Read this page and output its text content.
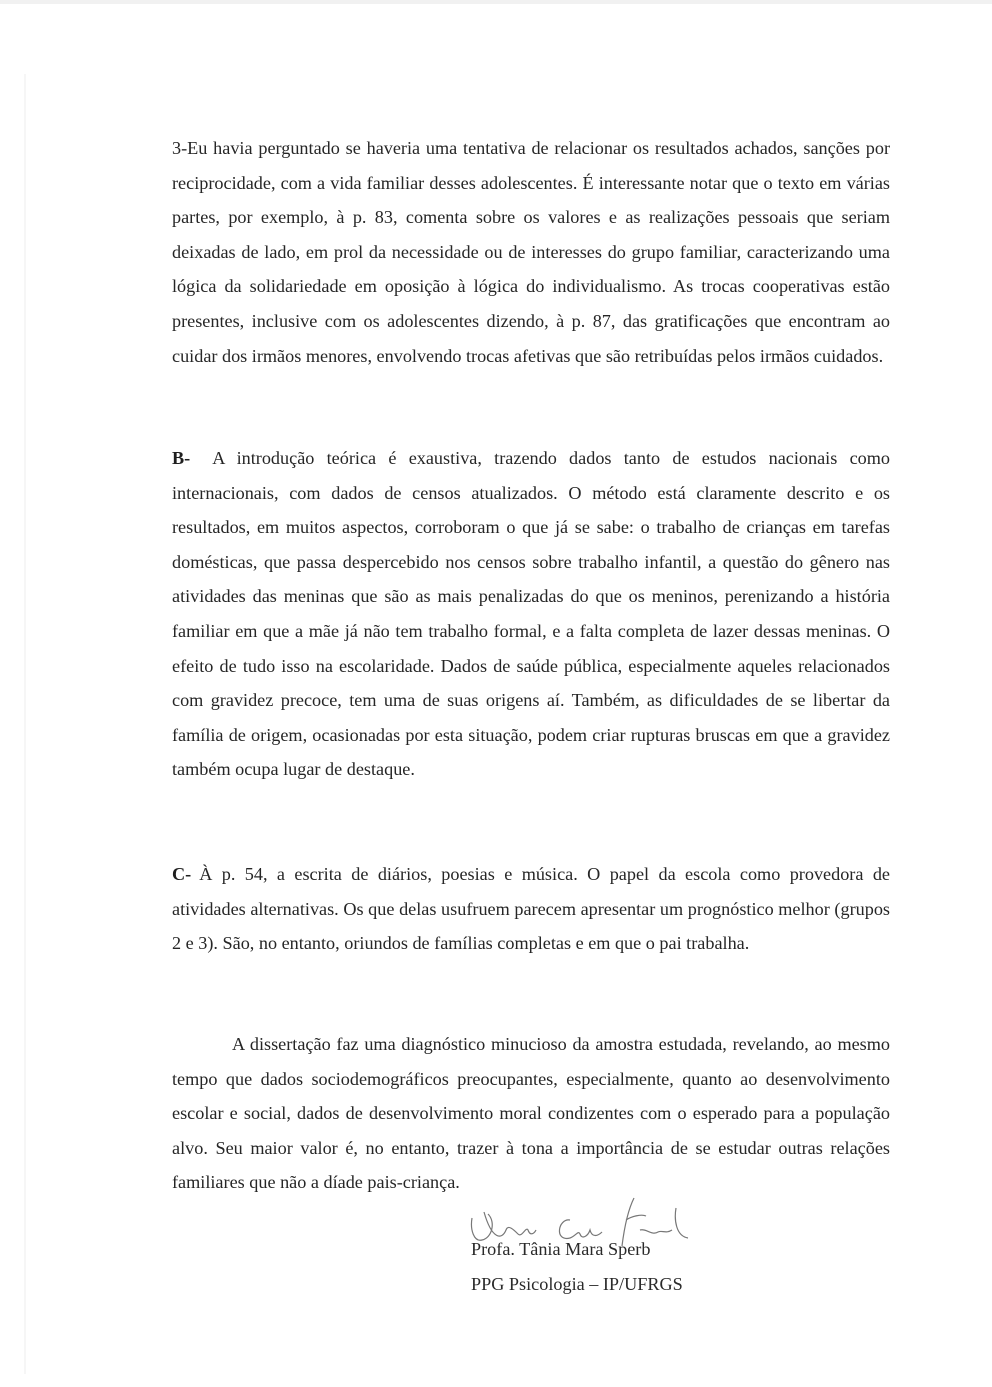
3-Eu havia perguntado se haveria uma tentativa de relacionar os resultados achados, sanções por reciprocidade, com a vida familiar desses adolescentes. É interessante notar que o texto em várias partes, por exemplo, à p. 83, comenta sobre os valores e as realizações pessoais que seriam deixadas de lado, em prol da necessidade ou de interesses do grupo familiar, caracterizando uma lógica da solidariedade em oposição à lógica do individualismo. As trocas cooperativas estão presentes, inclusive com os adolescentes dizendo, à p. 87, das gratificações que encontram ao cuidar dos irmãos menores, envolvendo trocas afetivas que são retribuídas pelos irmãos cuidados.

B- A introdução teórica é exaustiva, trazendo dados tanto de estudos nacionais como internacionais, com dados de censos atualizados. O método está claramente descrito e os resultados, em muitos aspectos, corroboram o que já se sabe: o trabalho de crianças em tarefas domésticas, que passa despercebido nos censos sobre trabalho infantil, a questão do gênero nas atividades das meninas que são as mais penalizadas do que os meninos, perenizando a história familiar em que a mãe já não tem trabalho formal, e a falta completa de lazer dessas meninas. O efeito de tudo isso na escolaridade. Dados de saúde pública, especialmente aqueles relacionados com gravidez precoce, tem uma de suas origens aí. Também, as dificuldades de se libertar da família de origem, ocasionadas por esta situação, podem criar rupturas bruscas em que a gravidez também ocupa lugar de destaque.

C- À p. 54, a escrita de diários, poesias e música. O papel da escola como provedora de atividades alternativas. Os que delas usufruem parecem apresentar um prognóstico melhor (grupos 2 e 3). São, no entanto, oriundos de famílias completas e em que o pai trabalha.

A dissertação faz uma diagnóstico minucioso da amostra estudada, revelando, ao mesmo tempo que dados sociodemográficos preocupantes, especialmente, quanto ao desenvolvimento escolar e social, dados de desenvolvimento moral condizentes com o esperado para a população alvo. Seu maior valor é, no entanto, trazer à tona a importância de se estudar outras relações familiares que não a díade pais-criança.

Profa. Tânia Mara Sperb
PPG Psicologia – IP/UFRGS
